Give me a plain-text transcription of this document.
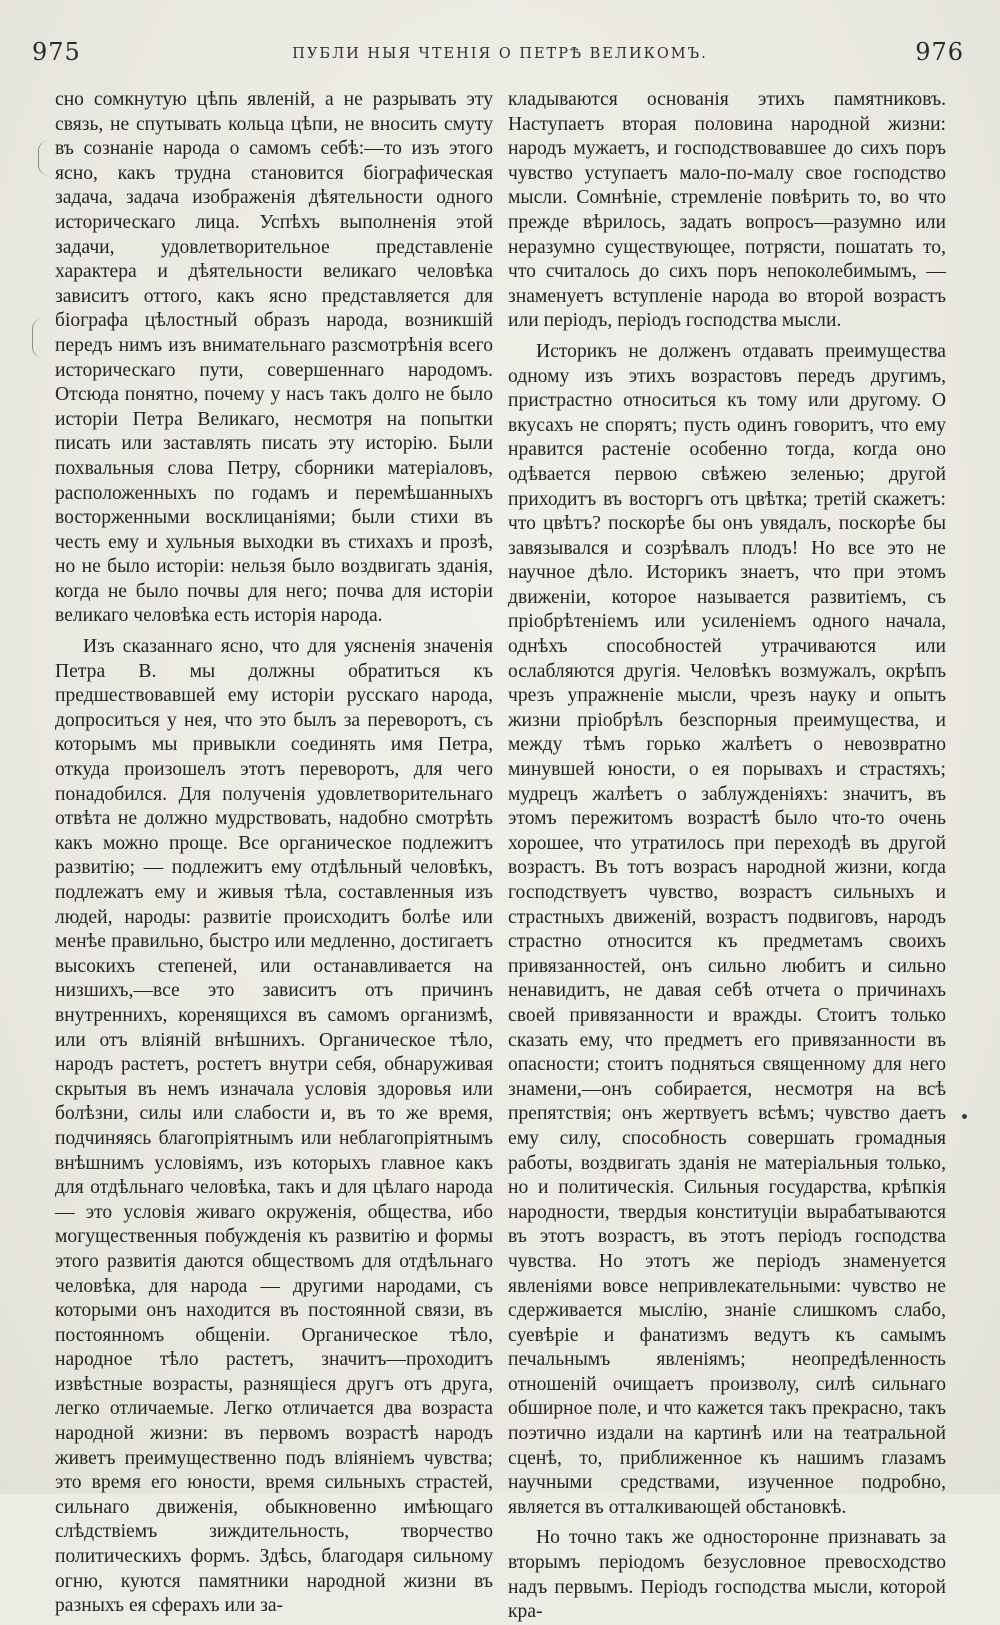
975	ПУБЛИ НЫЯ ЧТЕНІЯ О ПЕТРѢ ВЕЛИКОМЪ.	976

сно сомкнутую цѣпь явленій, а не разрывать эту связь, не спутывать кольца цѣпи, не вносить смуту въ сознаніе народа о самомъ себѣ:—то изъ этого ясно, какъ трудна становится біографическая задача, задача изображенія дѣятельности одного историческаго лица. Успѣхъ выполненія этой задачи, удовлетворительное представленіе характера и дѣятельности великаго человѣка зависитъ оттого, какъ ясно представляется для біографа цѣлостный образъ народа, возникшій передъ нимъ изъ внимательнаго разсмотрѣнія всего историческаго пути, совершеннаго народомъ. Отсюда понятно, почему у насъ такъ долго не было исторіи Петра Великаго, несмотря на попытки писать или заставлять писать эту исторію. Были похвальныя слова Петру, сборники матеріаловъ, расположенныхъ по годамъ и перемѣшанныхъ восторженными восклицаніями; были стихи въ честь ему и хульныя выходки въ стихахъ и прозѣ, но не было исторіи: нельзя было воздвигать зданія, когда не было почвы для него; почва для исторіи великаго человѣка есть исторія народа.

Изъ сказаннаго ясно, что для уясненія значенія Петра В. мы должны обратиться къ предшествовавшей ему исторіи русскаго народа, допроситься у нея, что это былъ за переворотъ, съ которымъ мы привыкли соединять имя Петра, откуда произошелъ этотъ переворотъ, для чего понадобился. Для полученія удовлетворительнаго отвѣта не должно мудрствовать, надобно смотрѣть какъ можно проще. Все органическое подлежитъ развитію; — подлежитъ ему отдѣльный человѣкъ, подлежатъ ему и живыя тѣла, составленныя изъ людей, народы: развитіе происходитъ болѣе или менѣе правильно, быстро или медленно, достигаетъ высокихъ степеней, или останавливается на низшихъ,—все это зависитъ отъ причинъ внутреннихъ, коренящихся въ самомъ организмѣ, или отъ вліяній внѣшнихъ. Органическое тѣло, народъ растетъ, ростетъ внутри себя, обнаруживая скрытыя въ немъ изначала условія здоровья или болѣзни, силы или слабости и, въ то же время, подчиняясь благопріятнымъ или неблагопріятнымъ внѣшнимъ условіямъ, изъ которыхъ главное какъ для отдѣльнаго человѣка, такъ и для цѣлаго народа — это условія живаго окруженія, общества, ибо могущественныя побужденія къ развитію и формы этого развитія даются обществомъ для отдѣльнаго человѣка, для народа — другими народами, съ которыми онъ находится въ постоянной связи, въ постоянномъ общеніи. Органическое тѣло, народное тѣло растетъ, значитъ—проходитъ извѣстные возрасты, разнящіеся другъ отъ друга, легко отличаемые. Легко отличается два возраста народной жизни: въ первомъ возрастѣ народъ живетъ преимущественно подъ вліяніемъ чувства; это время его юности, время сильныхъ страстей, сильнаго движенія, обыкновенно имѣющаго слѣдствіемъ зиждительность, творчество политическихъ формъ. Здѣсь, благодаря сильному огню, куются памятники народной жизни въ разныхъ ея сферахъ или за-

кладываются основанія этихъ памятниковъ. Наступаетъ вторая половина народной жизни: народъ мужаетъ, и господствовавшее до сихъ поръ чувство уступаетъ мало-по-малу свое господство мысли. Сомнѣніе, стремленіе повѣрить то, во что прежде вѣрилось, задать вопросъ—разумно или неразумно существующее, потрясти, пошатать то, что считалось до сихъ поръ непоколебимымъ, — знаменуетъ вступленіе народа во второй возрастъ или періодъ, періодъ господства мысли.

Историкъ не долженъ отдавать преимущества одному изъ этихъ возрастовъ передъ другимъ, пристрастно относиться къ тому или другому. О вкусахъ не спорятъ; пусть одинъ говоритъ, что ему нравится растеніе особенно тогда, когда оно одѣвается первою свѣжею зеленью; другой приходитъ въ восторгъ отъ цвѣтка; третій скажетъ: что цвѣтъ? поскорѣе бы онъ увядалъ, поскорѣе бы завязывался и созрѣвалъ плодъ! Но все это не научное дѣло. Историкъ знаетъ, что при этомъ движеніи, которое называется развитіемъ, съ пріобрѣтеніемъ или усиленіемъ одного начала, однѣхъ способностей утрачиваются или ослабляются другія. Человѣкъ возмужалъ, окрѣпъ чрезъ упражненіе мысли, чрезъ науку и опытъ жизни пріобрѣлъ безспорныя преимущества, и между тѣмъ горько жалѣетъ о невозвратно минувшей юности, о ея порывахъ и страстяхъ; мудрецъ жалѣетъ о заблужденіяхъ: значитъ, въ этомъ пережитомъ возрастѣ было что-то очень хорошее, что утратилось при переходѣ въ другой возрастъ. Въ тотъ возрасъ народной жизни, когда господствуетъ чувство, возрастъ сильныхъ и страстныхъ движеній, возрастъ подвиговъ, народъ страстно относится къ предметамъ своихъ привязанностей, онъ сильно любитъ и сильно ненавидитъ, не давая себѣ отчета о причинахъ своей привязанности и вражды. Стоитъ только сказать ему, что предметъ его привязанности въ опасности; стоитъ подняться священному для него знамени,—онъ собирается, несмотря на всѣ препятствія; онъ жертвуетъ всѣмъ; чувство даетъ ему силу, способность совершать громадныя работы, воздвигать зданія не матеріальныя только, но и политическія. Сильныя государства, крѣпкія народности, твердыя конституціи вырабатываются въ этотъ возрастъ, въ этотъ періодъ господства чувства. Но этотъ же періодъ знаменуется явленіями вовсе непривлекательными: чувство не сдерживается мыслію, знаніе слишкомъ слабо, суевѣріе и фанатизмъ ведутъ къ самымъ печальнымъ явленіямъ; неопредѣленность отношеній очищаетъ произволу, силѣ сильнаго обширное поле, и что кажется такъ прекрасно, такъ поэтично издали на картинѣ или на театральной сценѣ, то, приближенное къ нашимъ глазамъ научными средствами, изученное подробно, является въ отталкивающей обстановкѣ.

Но точно такъ же односторонне признавать за вторымъ періодомъ безусловное превосходство надъ первымъ. Періодъ господства мысли, которой кра-
